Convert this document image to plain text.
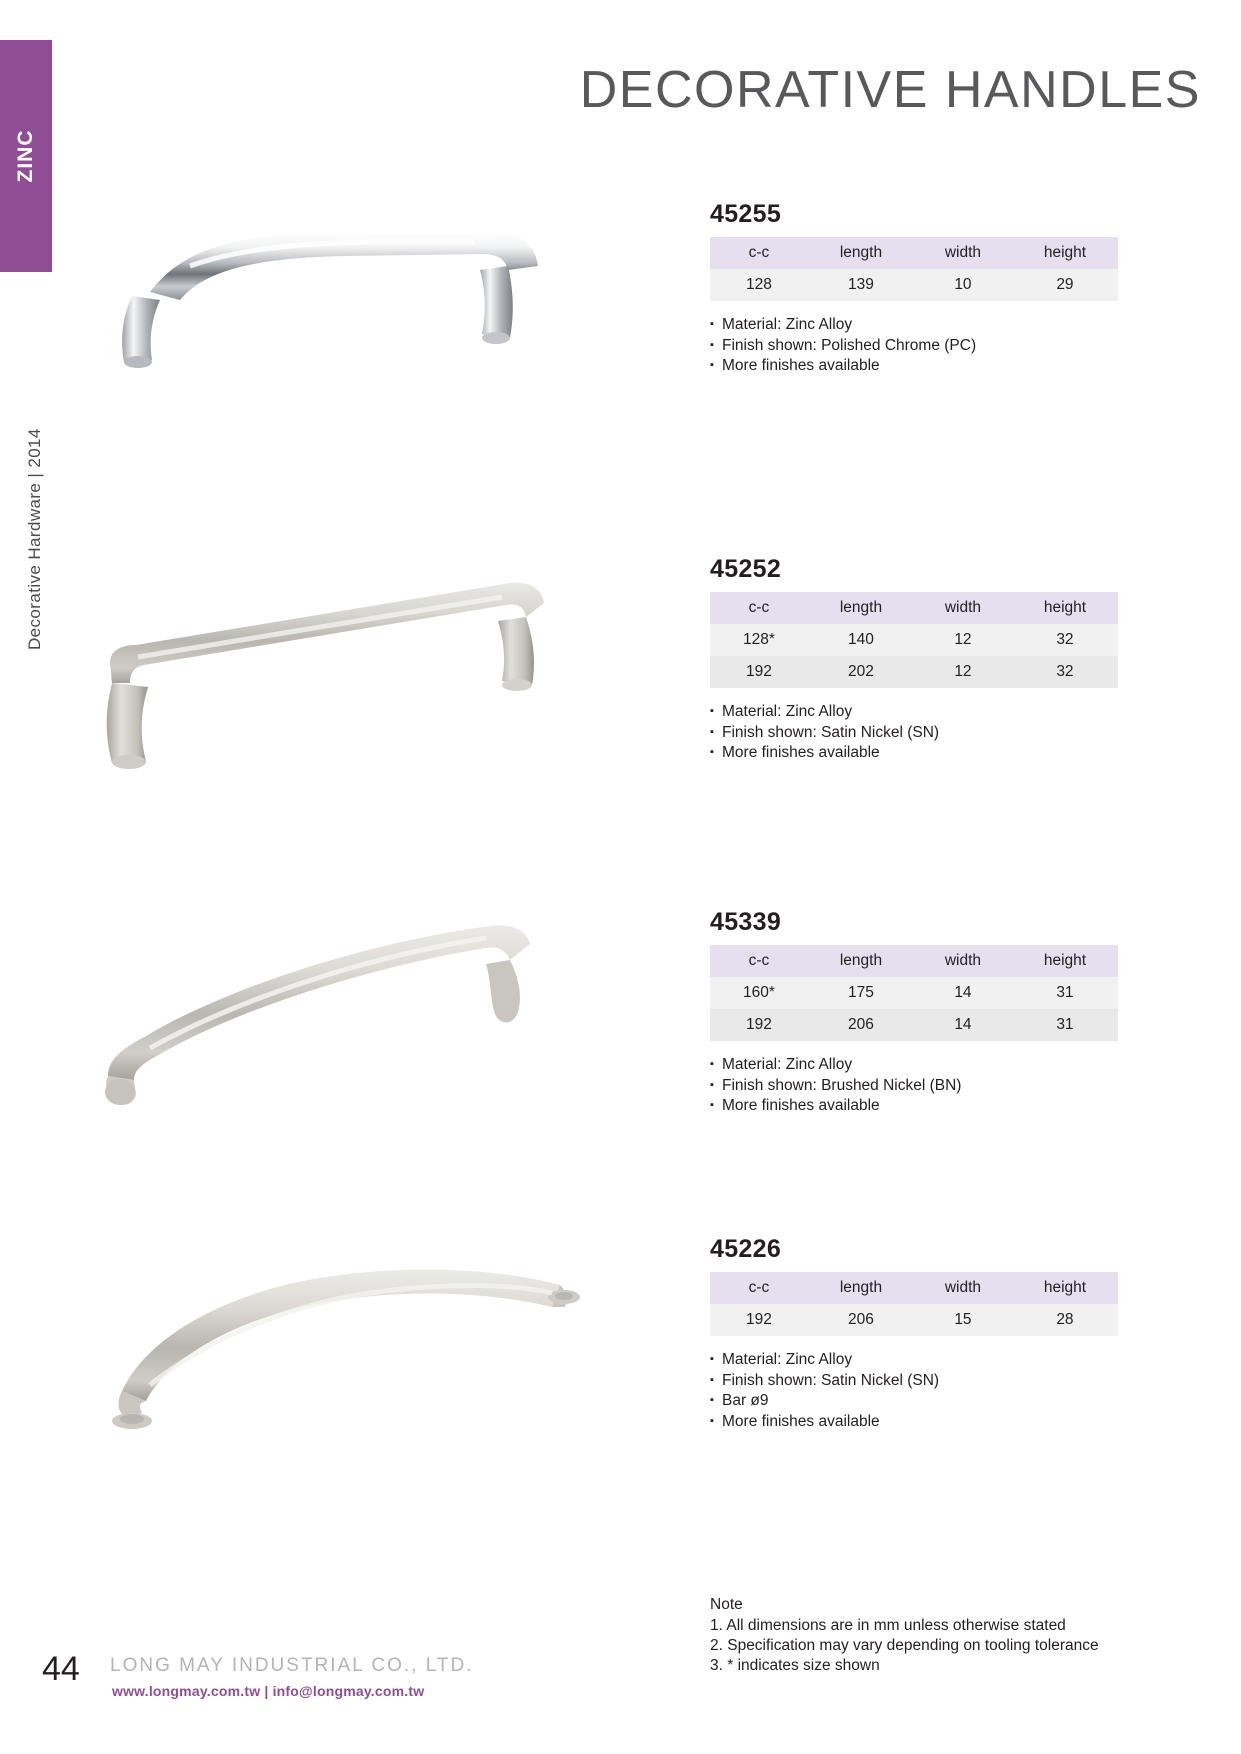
ZINC
Decorative Hardware | 2014
DECORATIVE HANDLES
45255
c-c	length	width	height
128	139	10	29
▪ Material: Zinc Alloy
▪ Finish shown: Polished Chrome (PC)
▪ More finishes available
45252
c-c	length	width	height
128*	140	12	32
192	202	12	32
▪ Material: Zinc Alloy
▪ Finish shown: Satin Nickel (SN)
▪ More finishes available
45339
c-c	length	width	height
160*	175	14	31
192	206	14	31
▪ Material: Zinc Alloy
▪ Finish shown: Brushed Nickel (BN)
▪ More finishes available
45226
c-c	length	width	height
192	206	15	28
▪ Material: Zinc Alloy
▪ Finish shown: Satin Nickel (SN)
▪ Bar ø9
▪ More finishes available
Note
1. All dimensions are in mm unless otherwise stated
2. Specification may vary depending on tooling tolerance
3. * indicates size shown
44 LONG MAY INDUSTRIAL CO., LTD.
www.longmay.com.tw | info@longmay.com.tw
